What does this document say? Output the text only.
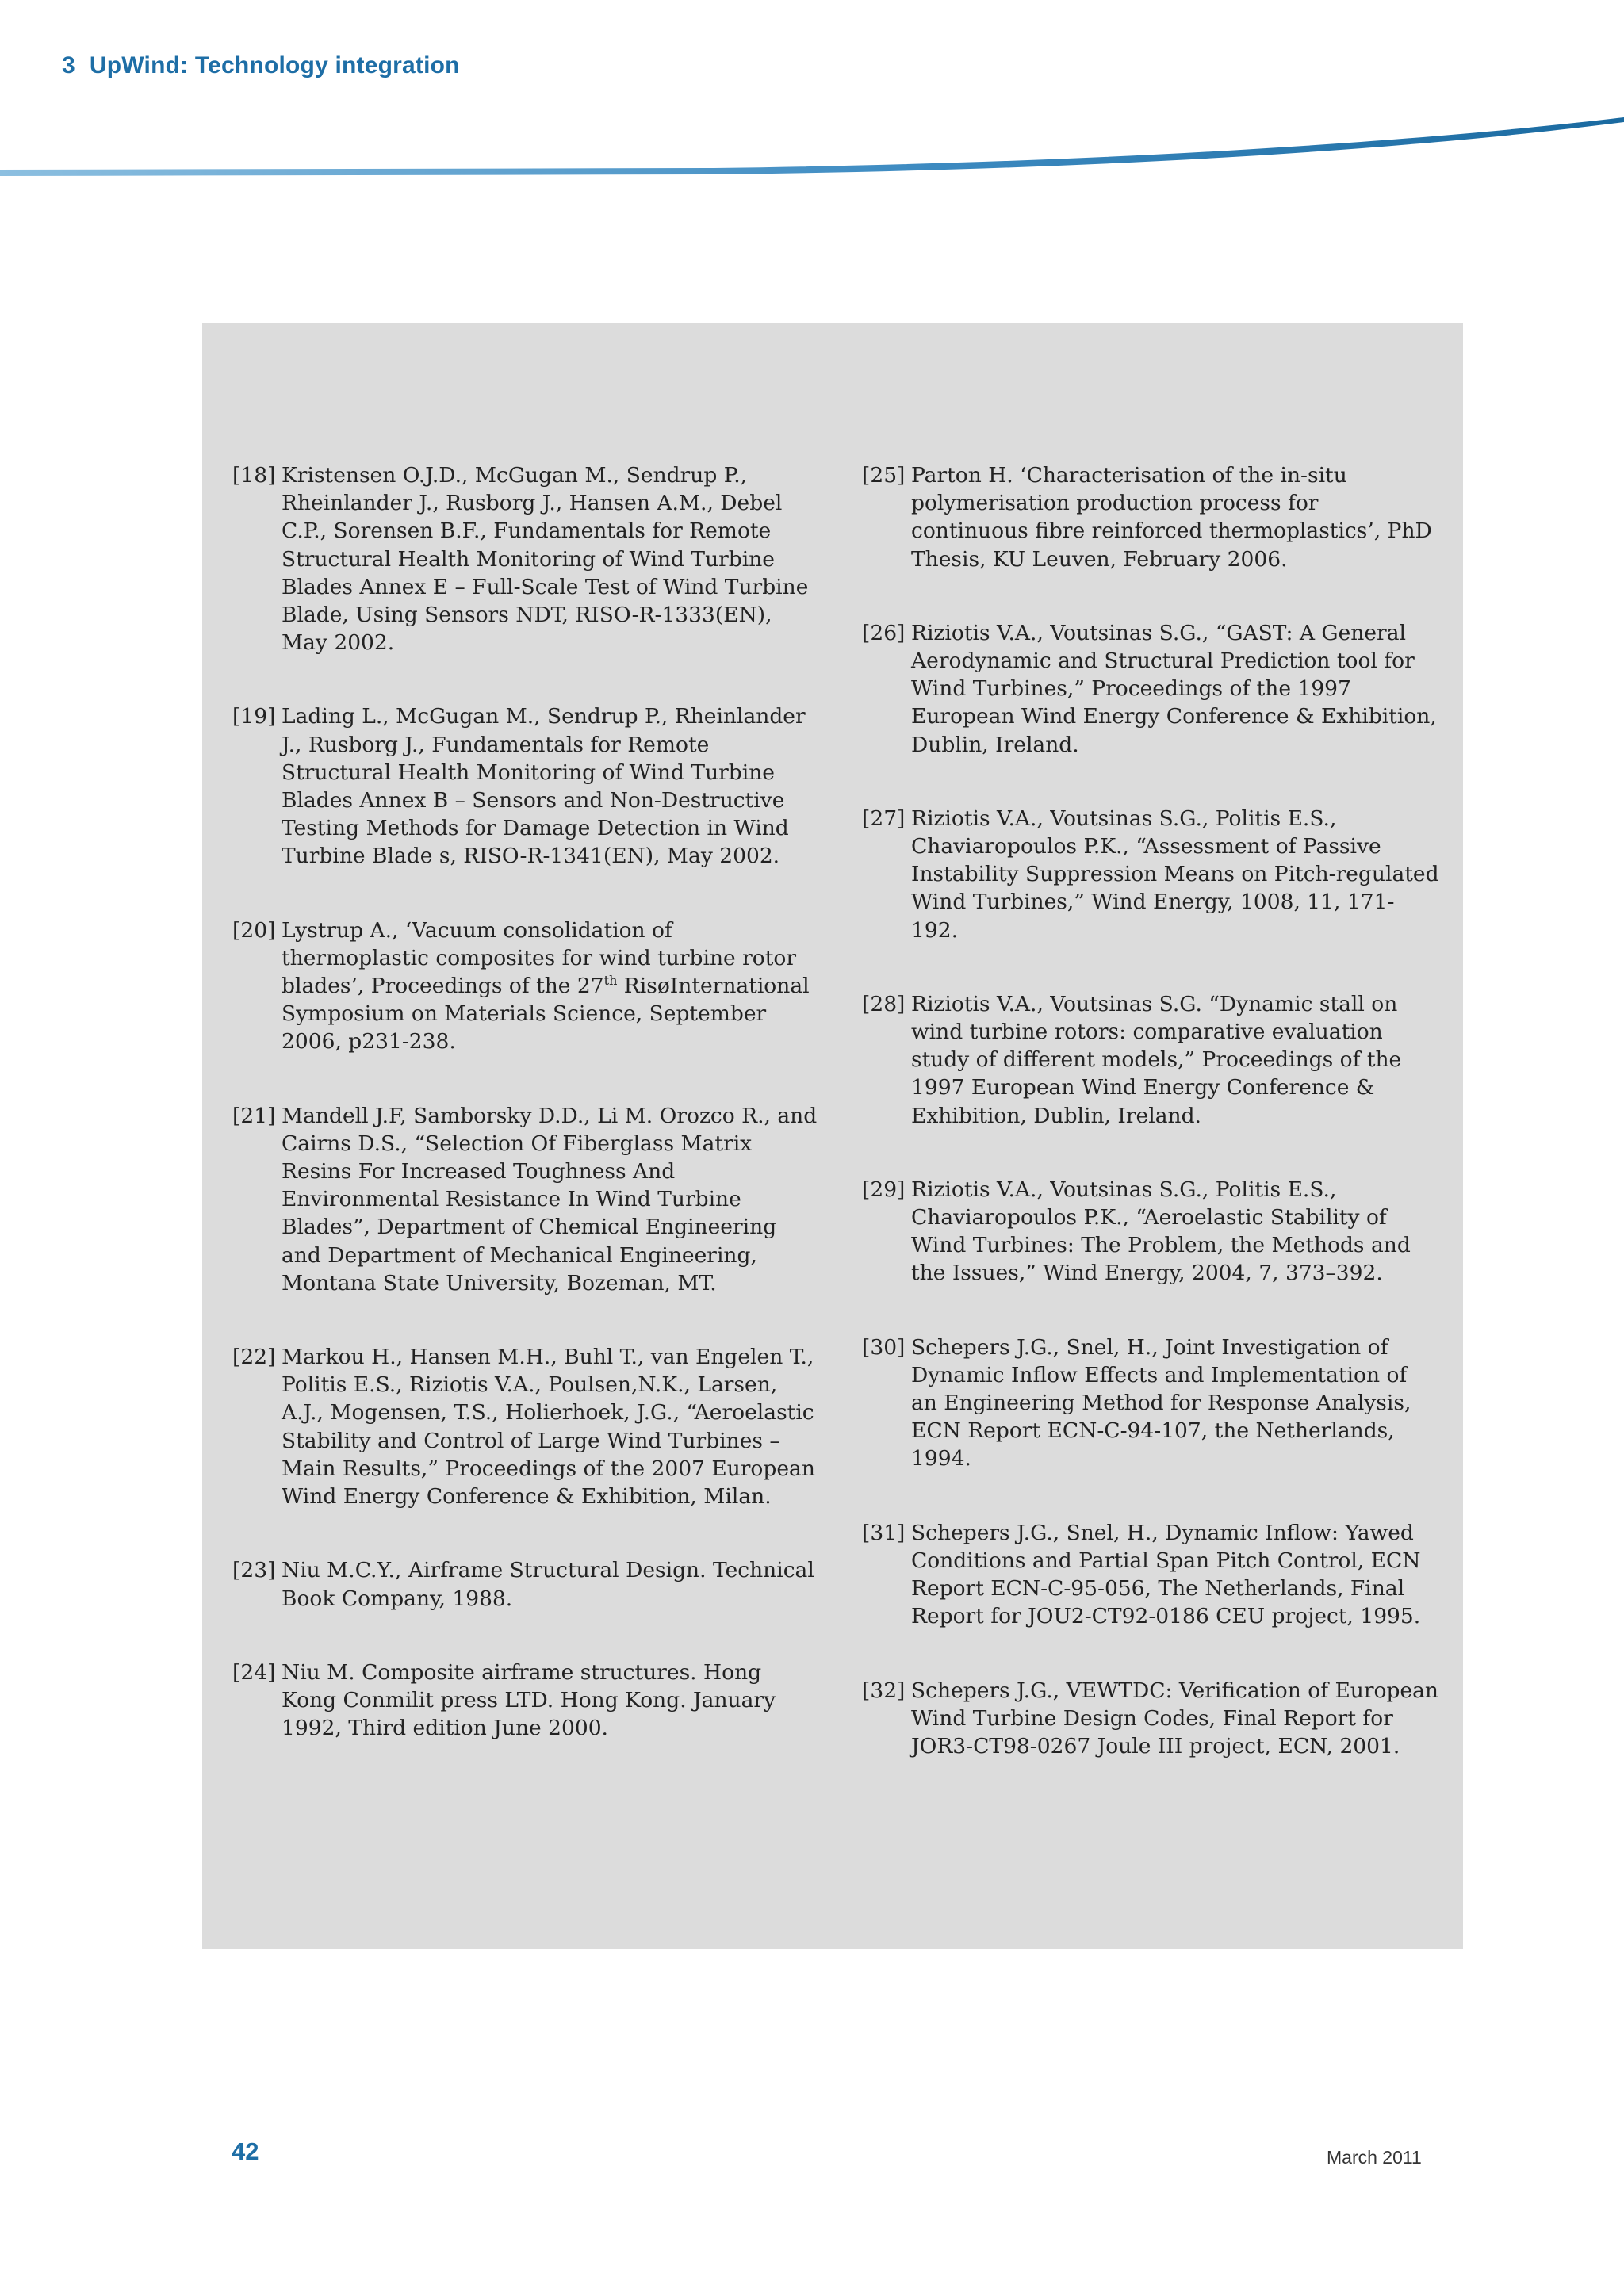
3 UpWind: Technology integration
[18] Kristensen O.J.D., McGugan M., Sendrup P., Rheinlander J., Rusborg J., Hansen A.M., Debel C.P., Sorensen B.F., Fundamentals for Remote Structural Health Monitoring of Wind Turbine Blades Annex E – Full-Scale Test of Wind Turbine Blade, Using Sensors NDT, RISO-R-1333(EN), May 2002.
[19] Lading L., McGugan M., Sendrup P., Rheinlander J., Rusborg J., Fundamentals for Remote Structural Health Monitoring of Wind Turbine Blades Annex B – Sensors and Non-Destructive Testing Methods for Damage Detection in Wind Turbine Blade s, RISO-R-1341(EN), May 2002.
[20] Lystrup A., ‘Vacuum consolidation of thermoplastic composites for wind turbine rotor blades’, Proceedings of the 27th RisøInternational Symposium on Materials Science, September 2006, p231-238.
[21] Mandell J.F, Samborsky D.D., Li M. Orozco R., and Cairns D.S., “Selection Of Fiberglass Matrix Resins For Increased Toughness And Environmental Resistance In Wind Turbine Blades”, Department of Chemical Engineering and Department of Mechanical Engineering, Montana State University, Bozeman, MT.
[22] Markou H., Hansen M.H., Buhl T., van Engelen T., Politis E.S., Riziotis V.A., Poulsen,N.K., Larsen, A.J., Mogensen, T.S., Holierhoek, J.G., “Aeroelastic Stability and Control of Large Wind Turbines – Main Results,” Proceedings of the 2007 European Wind Energy Conference & Exhibition, Milan.
[23] Niu M.C.Y., Airframe Structural Design. Technical Book Company, 1988.
[24] Niu M. Composite airframe structures. Hong Kong Conmilit press LTD. Hong Kong. January 1992, Third edition June 2000.
[25] Parton H. ‘Characterisation of the in-situ polymerisation production process for continuous fibre reinforced thermoplastics’, PhD Thesis, KU Leuven, February 2006.
[26] Riziotis V.A., Voutsinas S.G., “GAST: A General Aerodynamic and Structural Prediction tool for Wind Turbines,” Proceedings of the 1997 European Wind Energy Conference & Exhibition, Dublin, Ireland.
[27] Riziotis V.A., Voutsinas S.G., Politis E.S., Chaviaropoulos P.K., “Assessment of Passive Instability Suppression Means on Pitch-regulated Wind Turbines,” Wind Energy, 1008, 11, 171-192.
[28] Riziotis V.A., Voutsinas S.G. “Dynamic stall on wind turbine rotors: comparative evaluation study of different models,” Proceedings of the 1997 European Wind Energy Conference & Exhibition, Dublin, Ireland.
[29] Riziotis V.A., Voutsinas S.G., Politis E.S., Chaviaropoulos P.K., “Aeroelastic Stability of Wind Turbines: The Problem, the Methods and the Issues,” Wind Energy, 2004, 7, 373–392.
[30] Schepers J.G., Snel, H., Joint Investigation of Dynamic Inflow Effects and Implementation of an Engineering Method for Response Analysis, ECN Report ECN-C-94-107, the Netherlands, 1994.
[31] Schepers J.G., Snel, H., Dynamic Inflow: Yawed Conditions and Partial Span Pitch Control, ECN Report ECN-C-95-056, The Netherlands, Final Report for JOU2-CT92-0186 CEU project, 1995.
[32] Schepers J.G., VEWTDC: Verification of European Wind Turbine Design Codes, Final Report for JOR3-CT98-0267 Joule III project, ECN, 2001.
42	March 2011
